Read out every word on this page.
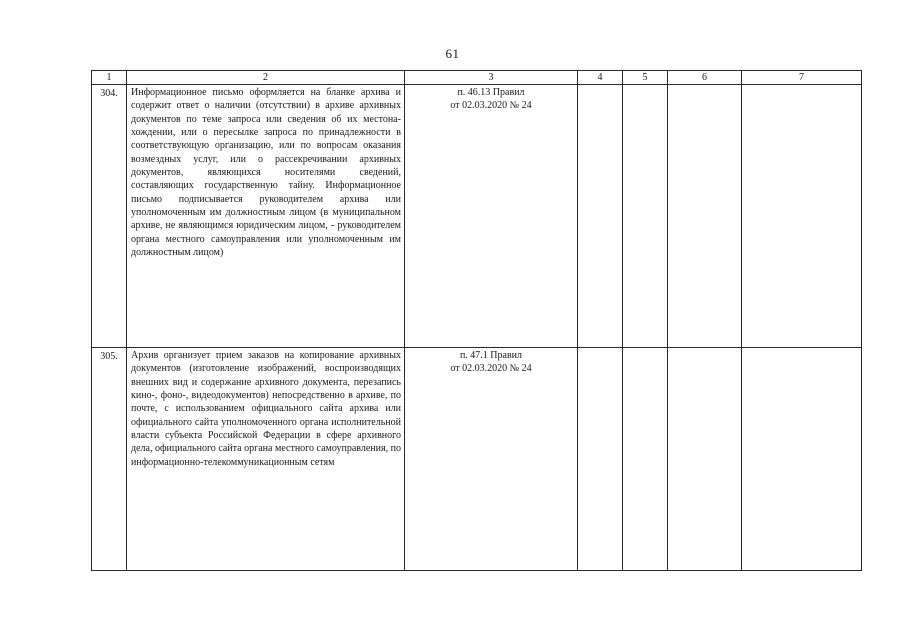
61
1	2	3	4	5	6	7
304.	Информационное письмо оформляется на бланке архива и содержит ответ о наличии (отсутствии) в архиве архивных документов по теме запроса или сведения об их местонахождении, или о пересылке запроса по принадлежности в соответствующую организацию, или по вопросам оказания возмездных услуг, или о рассекречивании архивных документов, являющихся носителями сведений, составляющих государственную тайну. Информационное письмо подписывается руководителем архива или уполномоченным им должностным лицом (в муниципальном архиве, не являющимся юридическим лицом, - руководителем органа местного самоуправления или уполномоченным им должностным лицом)	п. 46.13 Правил
от 02.03.2020 № 24				

305.	Архив организует прием заказов на копирование архивных документов (изготовление изображений, воспроизводящих внешних вид и содержание архивного документа, перезапись кино-, фоно-, видеодокументов) непосредственно в архиве, по почте, с использованием официального сайта архива или официального сайта уполномоченного органа исполнительной власти субъекта Российской Федерации в сфере архивного дела, официального сайта органа местного самоуправления, по информационно-телекоммуникационным сетям	п. 47.1 Правил
от 02.03.2020 № 24				
